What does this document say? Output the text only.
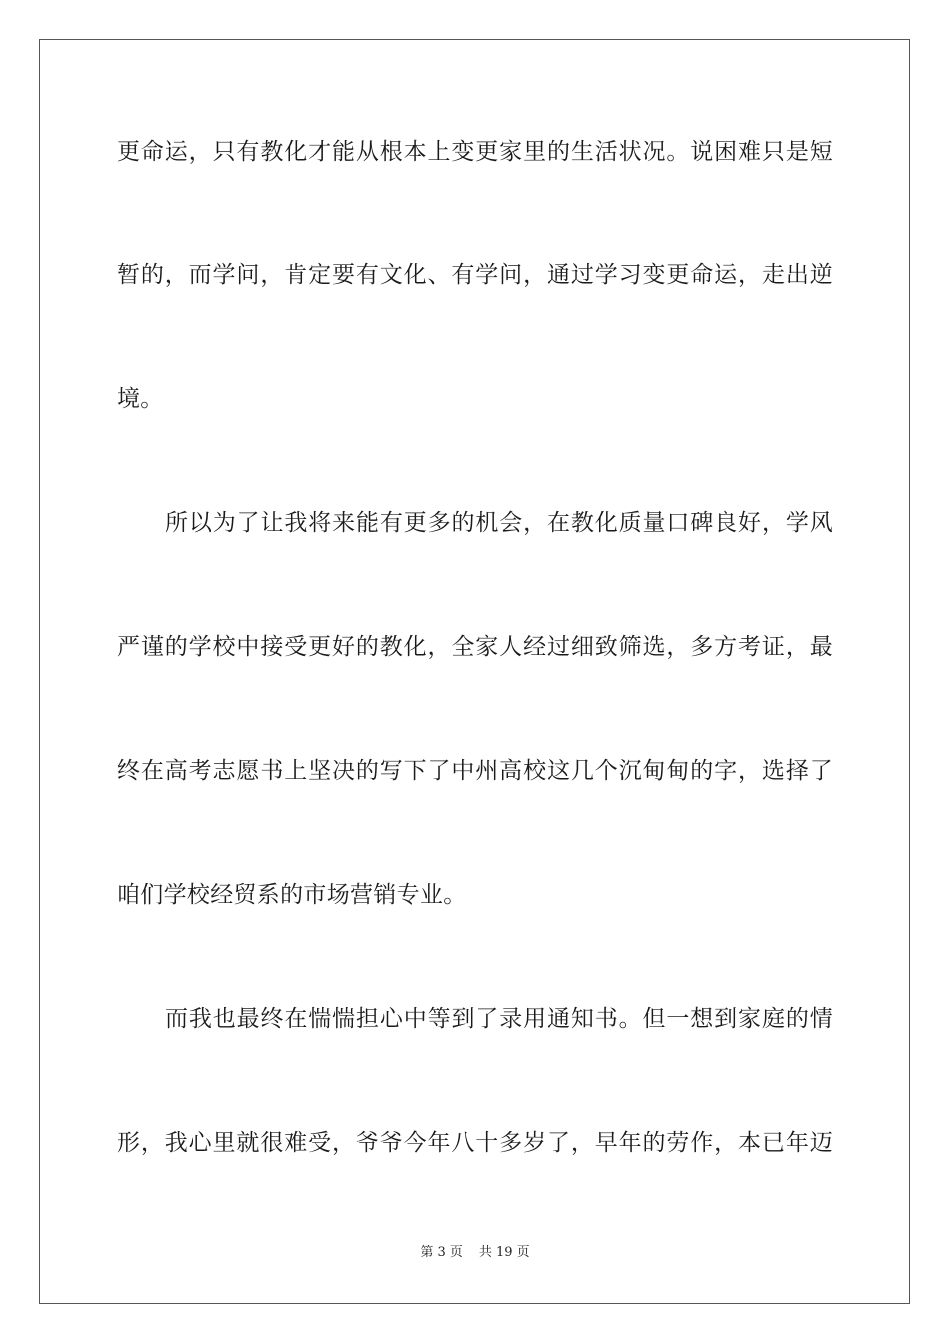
更命运，只有教化才能从根本上变更家里的生活状况。说困难只是短
暂的，而学问，肯定要有文化、有学问，通过学习变更命运，走出逆
境。
所以为了让我将来能有更多的机会，在教化质量口碑良好，学风
严谨的学校中接受更好的教化，全家人经过细致筛选，多方考证，最
终在高考志愿书上坚决的写下了中州高校这几个沉甸甸的字，选择了
咱们学校经贸系的市场营销专业。
而我也最终在惴惴担心中等到了录用通知书。但一想到家庭的情
形，我心里就很难受，爷爷今年八十多岁了，早年的劳作，本已年迈
第 3 页 共 19 页
